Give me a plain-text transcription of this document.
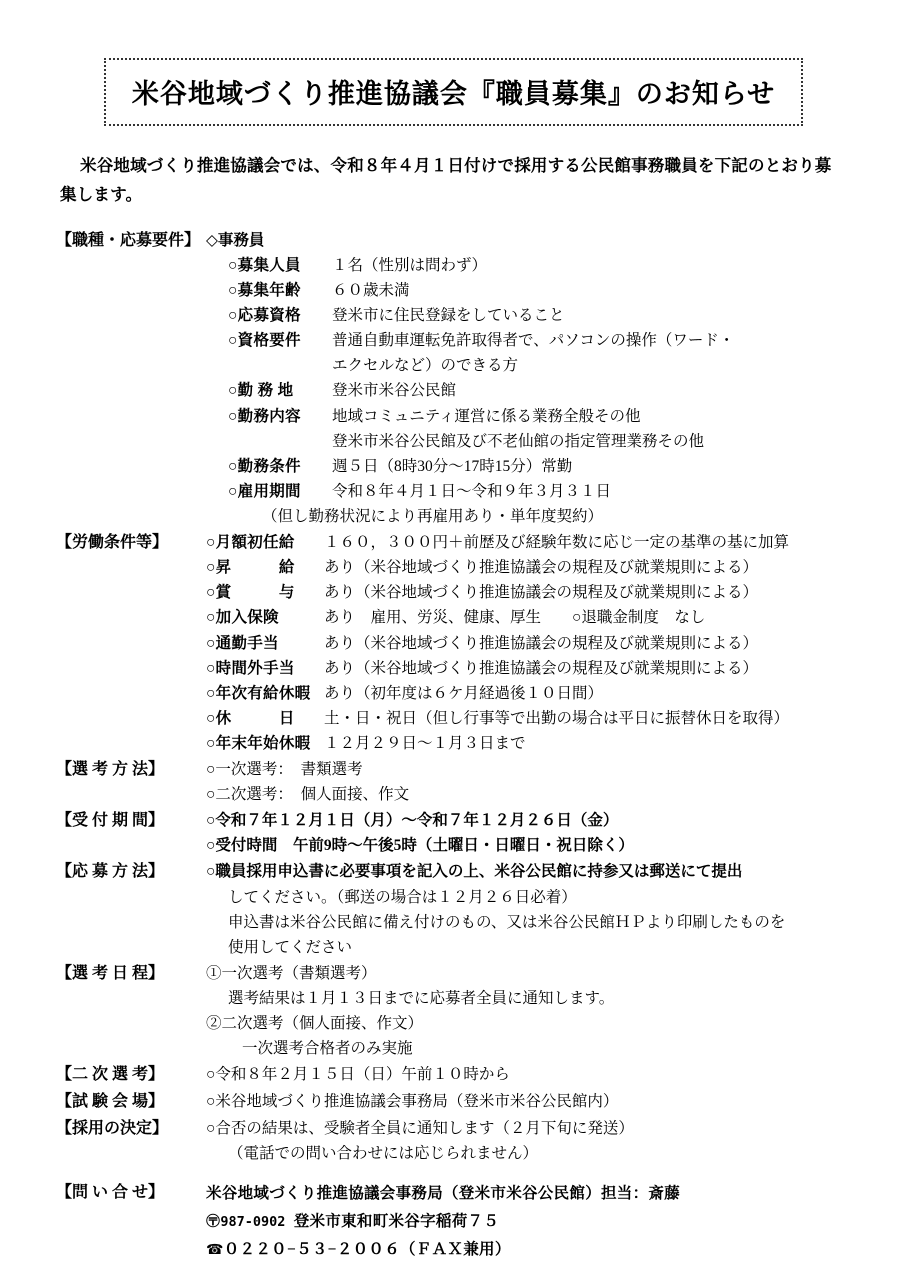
米谷地域づくり推進協議会『職員募集』のお知らせ

米谷地域づくり推進協議会では、令和８年４月１日付けで採用する公民館事務職員を下記のとおり募集します。

【職種・応募要件】 ◇事務員
○募集人員	１名（性別は問わず）
○募集年齢	６０歳未満
○応募資格	登米市に住民登録をしていること
○資格要件	普通自動車運転免許取得者で、パソコンの操作（ワード・
エクセルなど）のできる方
○勤 務 地	登米市米谷公民館
○勤務内容	地域コミュニティ運営に係る業務全般その他
登米市米谷公民館及び不老仙館の指定管理業務その他
○勤務条件	週５日（8時30分〜17時15分）常勤
○雇用期間	令和８年４月１日〜令和９年３月３１日
（但し勤務状況により再雇用あり・単年度契約）
【労働条件等】	○月額初任給	１６０，３００円＋前歴及び経験年数に応じ一定の基準の基に加算
○昇　　　給	あり（米谷地域づくり推進協議会の規程及び就業規則による）
○賞　　　与	あり（米谷地域づくり推進協議会の規程及び就業規則による）
○加入保険	あり　雇用、労災、健康、厚生　　○退職金制度　なし
○通勤手当	あり（米谷地域づくり推進協議会の規程及び就業規則による）
○時間外手当	あり（米谷地域づくり推進協議会の規程及び就業規則による）
○年次有給休暇 あり（初年度は６ケ月経過後１０日間）
○休　　　日	土・日・祝日（但し行事等で出勤の場合は平日に振替休日を取得）
○年末年始休暇 １２月２９日〜１月３日まで
【選 考 方 法】	○一次選考：　書類選考
○二次選考：　個人面接、作文
【受 付 期 間】	○令和７年１２月１日（月）〜令和７年１２月２６日（金）
○受付時間　午前9時〜午後5時（土曜日・日曜日・祝日除く）
【応 募 方 法】	○職員採用申込書に必要事項を記入の上、米谷公民館に持参又は郵送にて提出
してください。（郵送の場合は１２月２６日必着）
申込書は米谷公民館に備え付けのもの、又は米谷公民館ＨＰより印刷したものを
使用してください
【選 考 日 程】	①一次選考（書類選考）
選考結果は１月１３日までに応募者全員に通知します。
②二次選考（個人面接、作文）
一次選考合格者のみ実施
【二 次 選 考】	○令和８年２月１５日（日）午前１０時から
【試 験 会 場】	○米谷地域づくり推進協議会事務局（登米市米谷公民館内）
【採用の決定】	○合否の結果は、受験者全員に通知します（２月下旬に発送）
（電話での問い合わせには応じられません）
【問 い 合 せ】	米谷地域づくり推進協議会事務局（登米市米谷公民館）担当：斎藤
〶987-0902 登米市東和町米谷字稲荷７５
☎０２２０−５３−２００６（ＦＡＸ兼用）
